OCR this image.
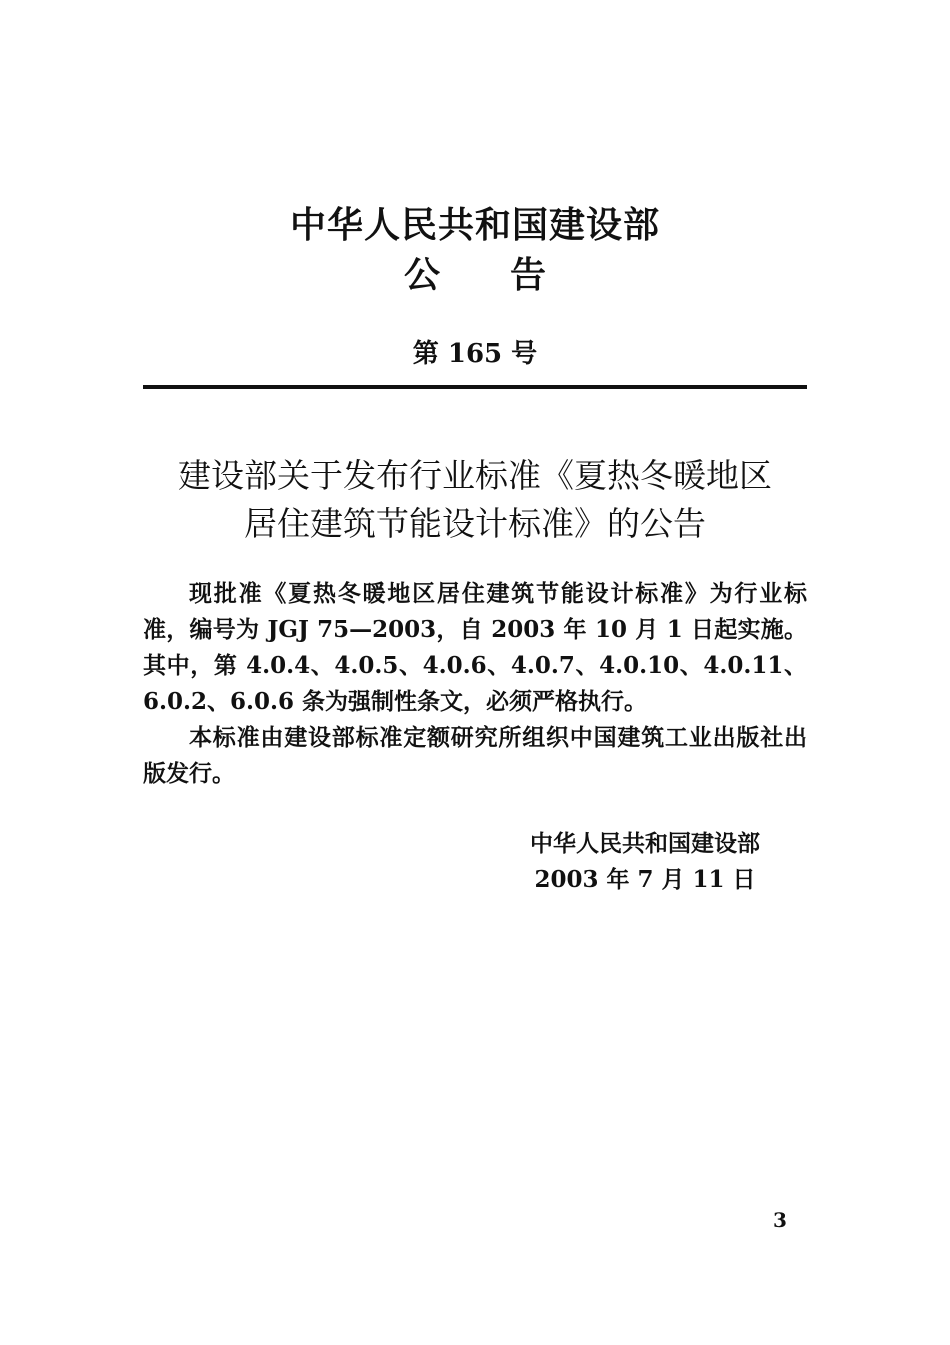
中华人民共和国建设部
公告
第 165 号
建设部关于发布行业标准《夏热冬暖地区
居住建筑节能设计标准》的公告

现批准《夏热冬暖地区居住建筑节能设计标准》为行业标准，编号为 JGJ 75—2003，自 2003 年 10 月 1 日起实施。其中，第 4.0.4、4.0.5、4.0.6、4.0.7、4.0.10、4.0.11、6.0.2、6.0.6 条为强制性条文，必须严格执行。

本标准由建设部标准定额研究所组织中国建筑工业出版社出版发行。

中华人民共和国建设部
2003 年 7 月 11 日
3
